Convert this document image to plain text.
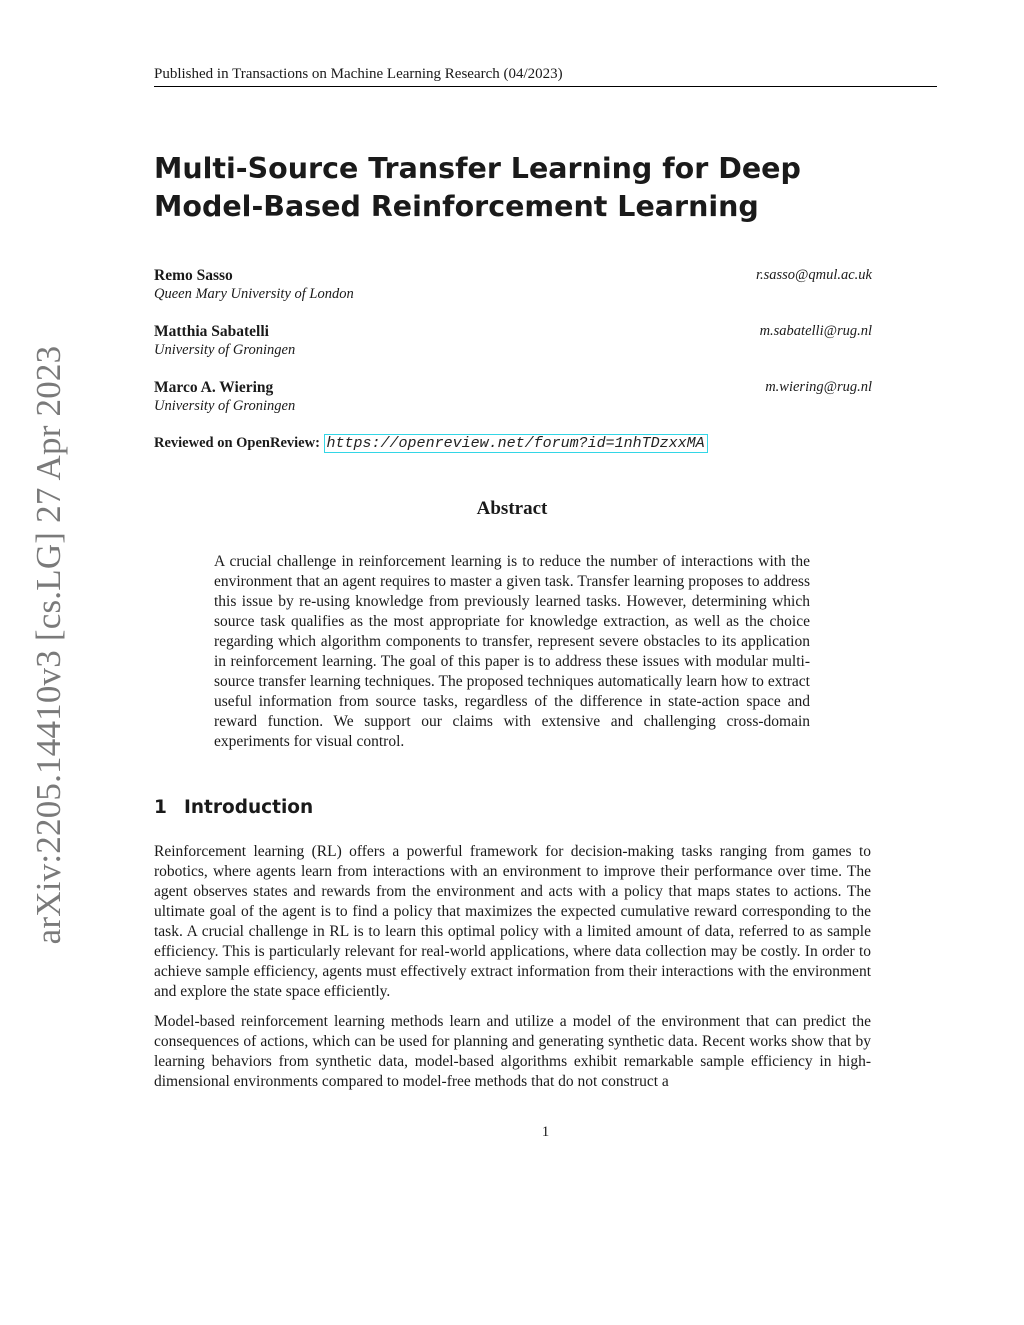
Published in Transactions on Machine Learning Research (04/2023)
arXiv:2205.14410v3 [cs.LG] 27 Apr 2023
Multi-Source Transfer Learning for Deep Model-Based Reinforcement Learning
Remo Sasso
Queen Mary University of London
r.sasso@qmul.ac.uk
Matthia Sabatelli
University of Groningen
m.sabatelli@rug.nl
Marco A. Wiering
University of Groningen
m.wiering@rug.nl
Reviewed on OpenReview: https://openreview.net/forum?id=1nhTDzxxMA
Abstract

A crucial challenge in reinforcement learning is to reduce the number of interactions with the environment that an agent requires to master a given task. Transfer learning proposes to address this issue by re-using knowledge from previously learned tasks. However, determining which source task qualifies as the most appropriate for knowledge extraction, as well as the choice regarding which algorithm components to transfer, represent severe obstacles to its application in reinforcement learning. The goal of this paper is to address these issues with modular multi-source transfer learning techniques. The proposed techniques automatically learn how to extract useful information from source tasks, regardless of the difference in state-action space and reward function. We support our claims with extensive and challenging cross-domain experiments for visual control.

1 Introduction

Reinforcement learning (RL) offers a powerful framework for decision-making tasks ranging from games to robotics, where agents learn from interactions with an environment to improve their performance over time. The agent observes states and rewards from the environment and acts with a policy that maps states to actions. The ultimate goal of the agent is to find a policy that maximizes the expected cumulative reward corresponding to the task. A crucial challenge in RL is to learn this optimal policy with a limited amount of data, referred to as sample efficiency. This is particularly relevant for real-world applications, where data collection may be costly. In order to achieve sample efficiency, agents must effectively extract information from their interactions with the environment and explore the state space efficiently.

Model-based reinforcement learning methods learn and utilize a model of the environment that can predict the consequences of actions, which can be used for planning and generating synthetic data. Recent works show that by learning behaviors from synthetic data, model-based algorithms exhibit remarkable sample efficiency in high-dimensional environments compared to model-free methods that do not construct a

1
